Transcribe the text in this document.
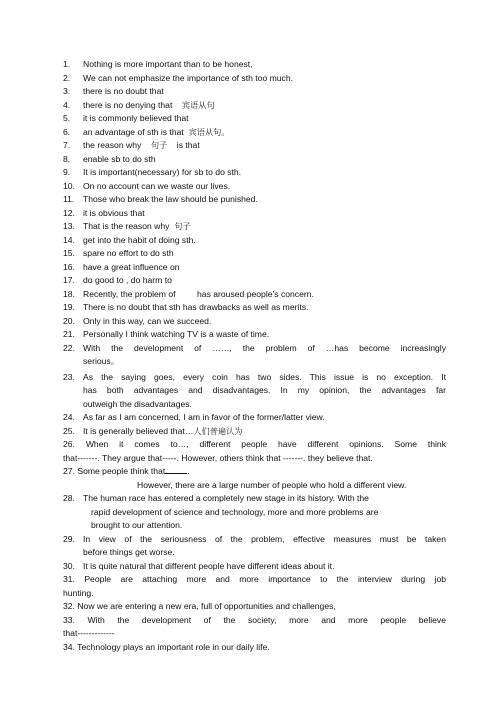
1.	Nothing is more important than to be honest,
2.	We can not emphasize the importance of sth too much.
3.	there is no doubt that
4.	there is no denying that 宾语从句
5.	it is commonly believed that
6.	an advantage of sth is that 宾语从句。
7.	the reason why 句子 is that
8.	enable sb to do sth
9.	It is important(necessary) for sb to do sth.
10. On no account can we waste our lives.
11.	Those who break the law should be punished.
12. it is obvious that
13. That is the reason why 句子
14. get into the habit of doing sth.
15. spare no effort to do sth
16. have a great influence on
17. do good to , do harm to
18. Recently, the problem of	has aroused people’s concern.
19. There is no doubt that sth has drawbacks as well as merits.
20. Only in this way, can we succeed.
21. Personally I think watching TV is a waste of time.
22. With the development of ……, the problem of …has become increasingly
serious。
23. As the saying goes, every coin has two sides. This issue is no exception. It
has both advantages and disadvantages. In my opinion, the advantages far
outweigh the disadvantages.
24. As far as I am concerned, I am in favor of the former/latter view.
25. It is generally believed that…人们普遍认为
26. When it comes to…, different people have different opinions. Some think
that-------. They argue that-----. However, others think that -------. they believe that.
27. Some people think that	.
However, there are a large number of people who hold a different view.
28. The human race has entered a completely new stage in its history. With the
rapid development of science and technology, more and more problems are
brought to our attention.
29. In view of the seriousness of the problem, effective measures must be taken
before things get worse.
30. It is quite natural that different people have different ideas about it.
31. People are attaching more and more importance to the interview during job
hunting.
32. Now we are entering a new era, full of opportunities and challenges,
33. With the development of the society, more and more people believe
that-------------
34. Technology plays an important role in our daily life.
